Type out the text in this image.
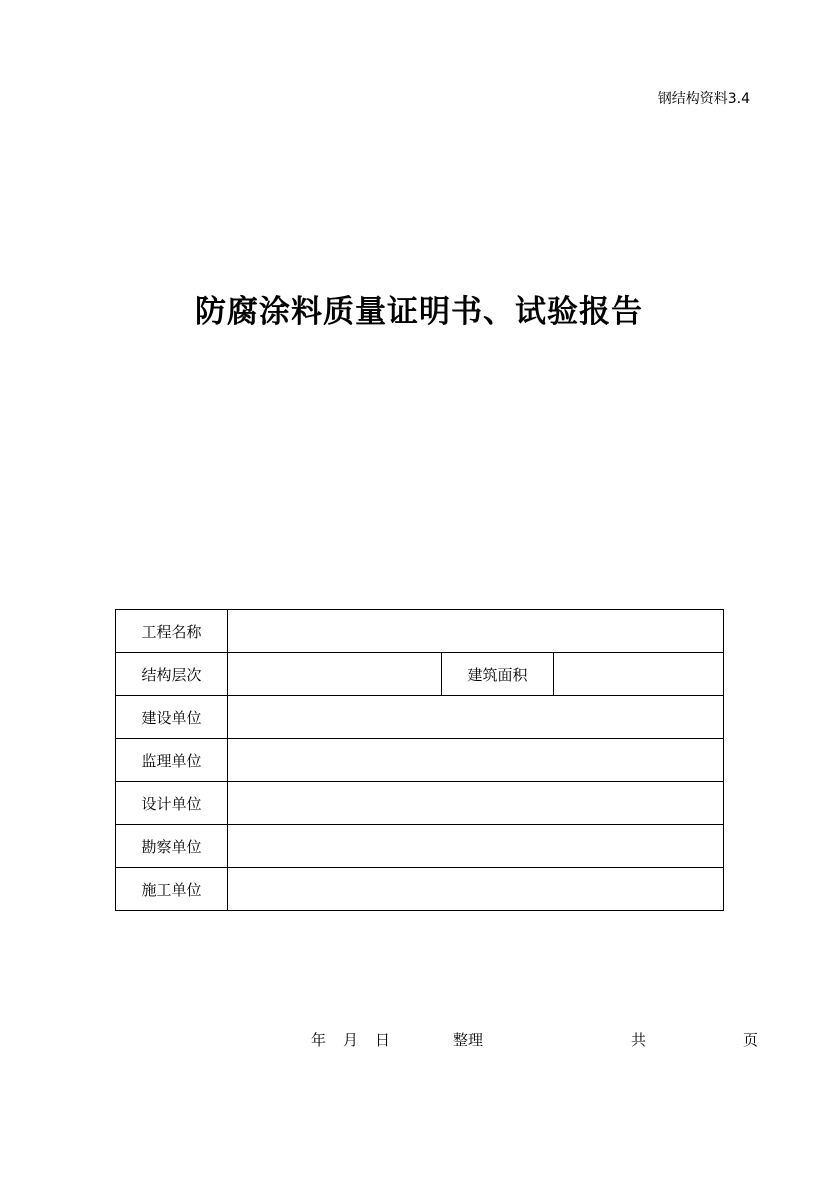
钢结构资料3.4
防腐涂料质量证明书、试验报告
工程名称			
结构层次		建筑面积	
建设单位			
监理单位			
设计单位			
勘察单位			
施工单位			
年 月 日	整理	共	页
